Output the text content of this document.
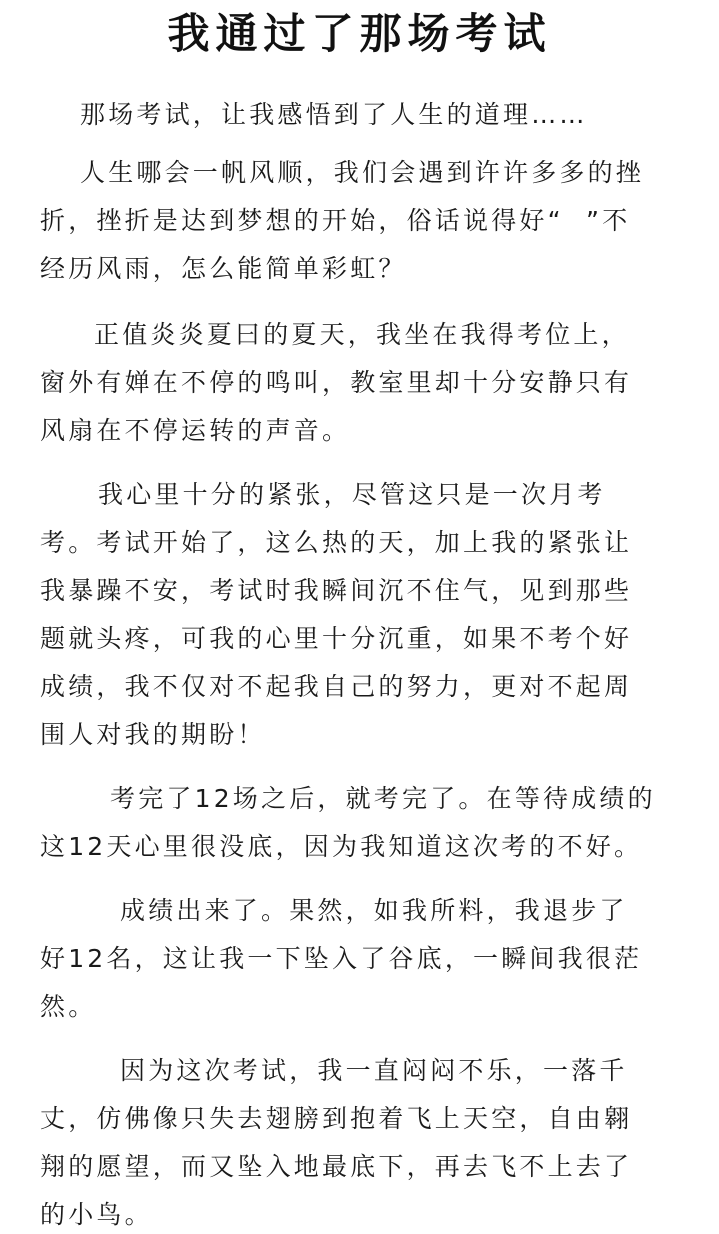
我通过了那场考试
那场考试，让我感悟到了人生的道理……
人生哪会一帆风顺，我们会遇到许许多多的挫
折，挫折是达到梦想的开始，俗话说得好“  ”不
经历风雨，怎么能简单彩虹？
正值炎炎夏曰的夏天，我坐在我得考位上，
窗外有婵在不停的鸣叫，教室里却十分安静只有
风扇在不停运转的声音。
我心里十分的紧张，尽管这只是一次月考
考。考试开始了，这么热的天，加上我的紧张让
我暴躁不安，考试时我瞬间沉不住气，见到那些
题就头疼，可我的心里十分沉重，如果不考个好
成绩，我不仅对不起我自己的努力，更对不起周
围人对我的期盼！
考完了12场之后，就考完了。在等待成绩的
这12天心里很没底，因为我知道这次考的不好。
成绩出来了。果然，如我所料，我退步了
好12名，这让我一下坠入了谷底，一瞬间我很茫
然。
因为这次考试，我一直闷闷不乐，一落千
丈，仿佛像只失去翅膀到抱着飞上天空，自由翱
翔的愿望，而又坠入地最底下，再去飞不上去了
的小鸟。
